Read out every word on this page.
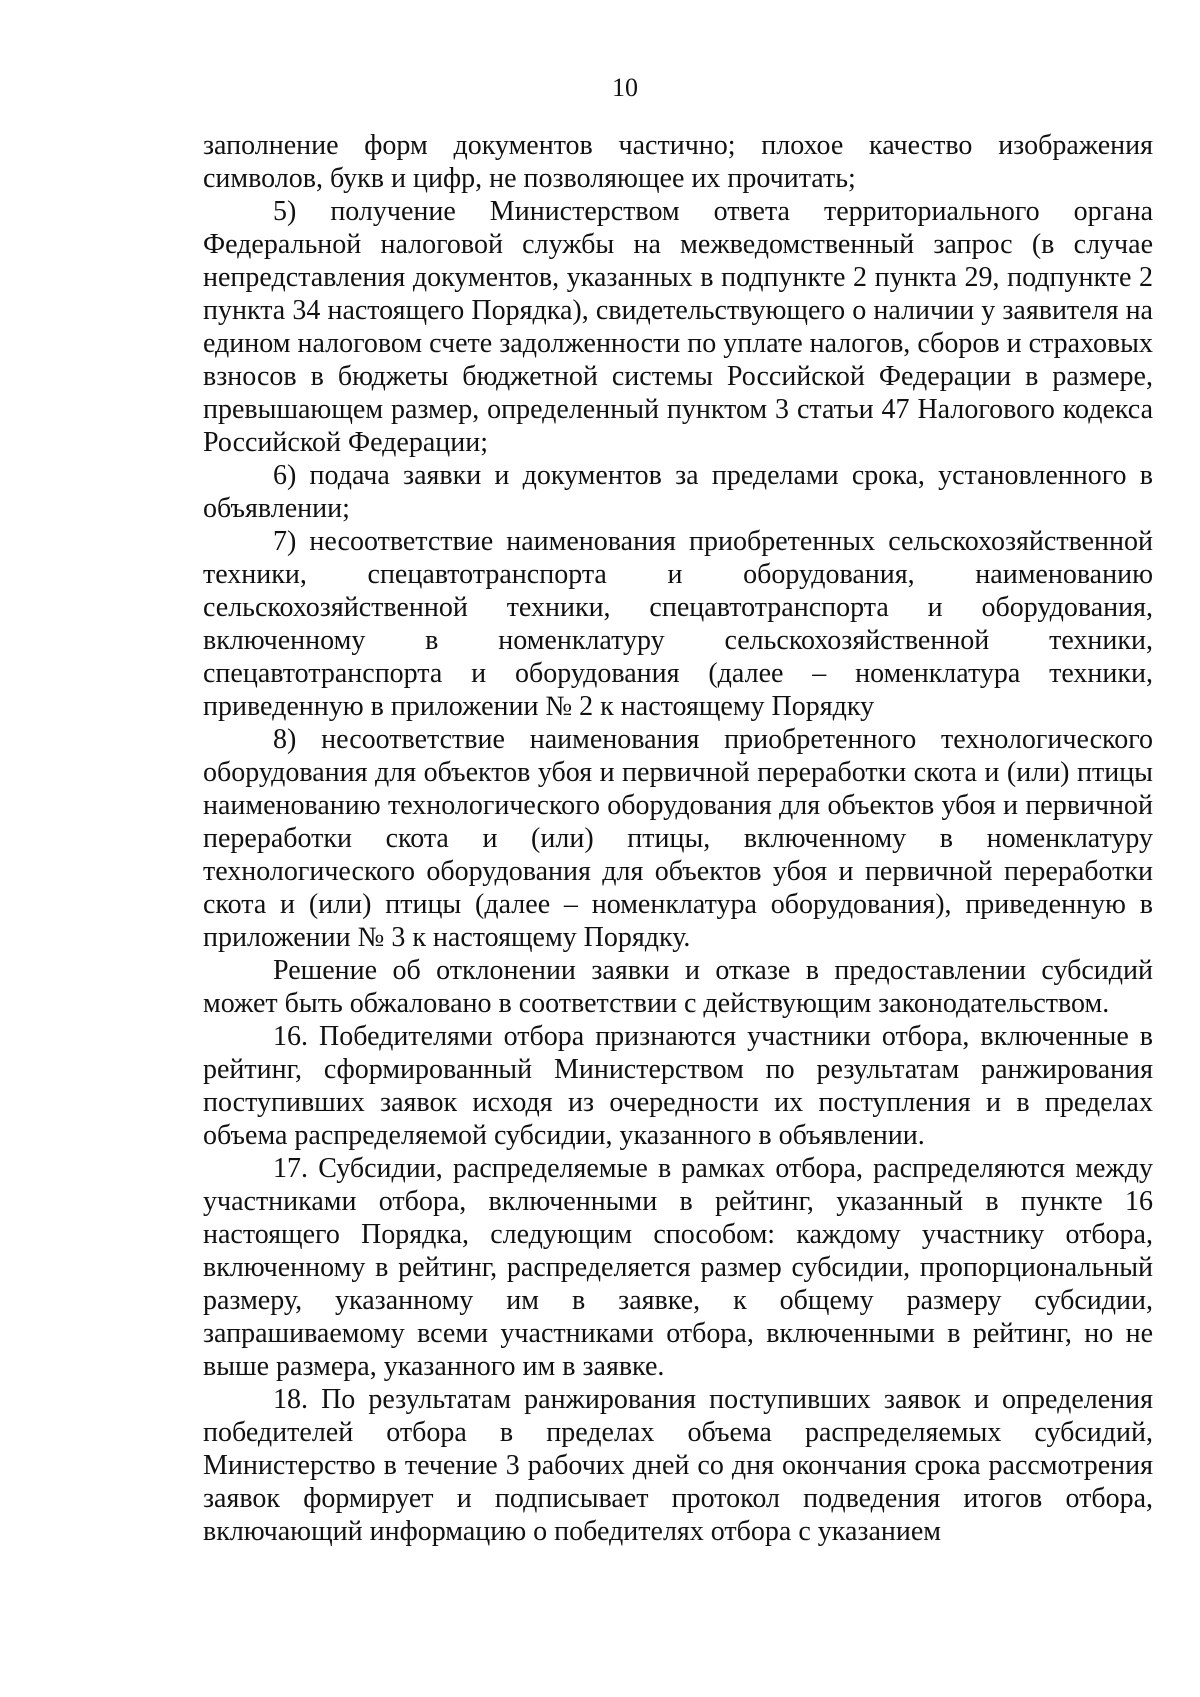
10

заполнение форм документов частично; плохое качество изображения символов, букв и цифр, не позволяющее их прочитать;

5) получение Министерством ответа территориального органа Федеральной налоговой службы на межведомственный запрос (в случае непредставления документов, указанных в подпункте 2 пункта 29, подпункте 2 пункта 34 настоящего Порядка), свидетельствующего о наличии у заявителя на едином налоговом счете задолженности по уплате налогов, сборов и страховых взносов в бюджеты бюджетной системы Российской Федерации в размере, превышающем размер, определенный пунктом 3 статьи 47 Налогового кодекса Российской Федерации;

6) подача заявки и документов за пределами срока, установленного в объявлении;

7) несоответствие наименования приобретенных сельскохозяйственной техники, спецавтотранспорта и оборудования, наименованию сельскохозяйственной техники, спецавтотранспорта и оборудования, включенному в номенклатуру сельскохозяйственной техники, спецавтотранспорта и оборудования (далее – номенклатура техники, приведенную в приложении № 2 к настоящему Порядку

8) несоответствие наименования приобретенного технологического оборудования для объектов убоя и первичной переработки скота и (или) птицы наименованию технологического оборудования для объектов убоя и первичной переработки скота и (или) птицы, включенному в номенклатуру технологического оборудования для объектов убоя и первичной переработки скота и (или) птицы (далее – номенклатура оборудования), приведенную в приложении № 3 к настоящему Порядку.

Решение об отклонении заявки и отказе в предоставлении субсидий может быть обжаловано в соответствии с действующим законодательством.

16. Победителями отбора признаются участники отбора, включенные в рейтинг, сформированный Министерством по результатам ранжирования поступивших заявок исходя из очередности их поступления и в пределах объема распределяемой субсидии, указанного в объявлении.

17. Субсидии, распределяемые в рамках отбора, распределяются между участниками отбора, включенными в рейтинг, указанный в пункте 16 настоящего Порядка, следующим способом: каждому участнику отбора, включенному в рейтинг, распределяется размер субсидии, пропорциональный размеру, указанному им в заявке, к общему размеру субсидии, запрашиваемому всеми участниками отбора, включенными в рейтинг, но не выше размера, указанного им в заявке.

18. По результатам ранжирования поступивших заявок и определения победителей отбора в пределах объема распределяемых субсидий, Министерство в течение 3 рабочих дней со дня окончания срока рассмотрения заявок формирует и подписывает протокол подведения итогов отбора, включающий информацию о победителях отбора с указанием
